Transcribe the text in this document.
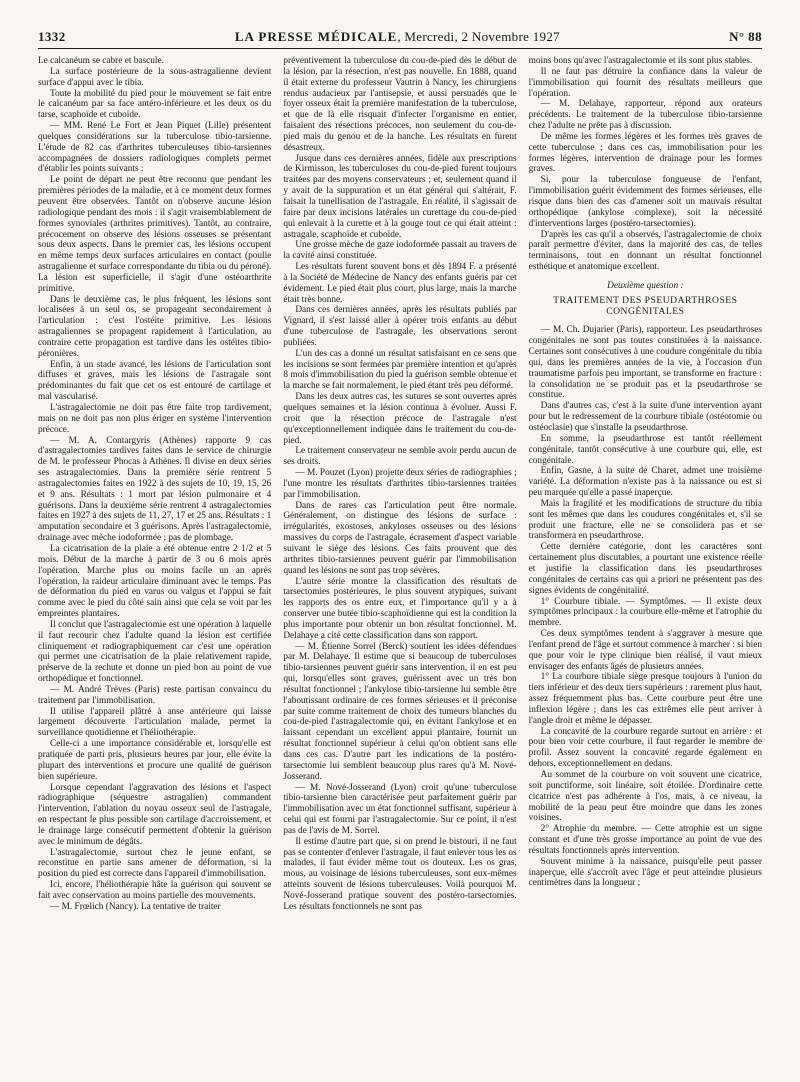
1332	LA PRESSE MÉDICALE, Mercredi, 2 Novembre 1927	N° 88

Le calcanéum se cabre et bascule.

La surface postérieure de la sous-astragalienne devient surface d'appui avec le tibia.

Toute la mobilité du pied pour le mouvement se fait entre le calcanéum par sa face antéro-inférieure et les deux os du tarse, scaphoïde et cuboïde.

— MM. René Le Fort et Jean Piquet (Lille) présentent quelques considérations sur la tuberculose tibio-tarsienne. L'étude de 82 cas d'arthrites tuberculeuses tibio-tarsiennes accompagnées de dossiers radiologiques complets permet d'établir les points suivants :

Le point de départ ne peut être reconnu que pendant les premières périodes de la maladie, et à ce moment deux formes peuvent être observées. Tantôt on n'observe aucune lésion radiologique pendant des mois : il s'agit vraisemblablement de formes synoviales (arthrites primitives). Tantôt, au contraire, précocement on observe des lésions osseuses se présentant sous deux aspects. Dans le premier cas, les lésions occupent en même temps deux surfaces articulaires en contact (poulie astragalienne et surface correspondante du tibia ou du péroné). La lésion est superficielle, il s'agit d'une ostéoarthrite primitive.

Dans le deuxième cas, le plus fréquent, les lésions sont localisées à un seul os, se propageant secondairement à l'articulation : c'est l'ostéite primitive. Les lésions astragaliennes se propagent rapidement à l'articulation, au contraire cette propagation est tardive dans les ostéites tibio-péronières.

Enfin, à un stade avancé, les lésions de l'articulation sont diffuses et graves, mais les lésions de l'astragale sont prédominantes du fait que cet os est entouré de cartilage et mal vascularisé.

L'astragalectomie ne doit pas être faite trop tardivement, mais on ne doit pas non plus ériger en système l'intervention précoce.

— M. A. Contargyris (Athènes) rapporte 9 cas d'astragalectomies tardives faites dans le service de chirurgie de M. le professeur Phocas à Athènes. Il divise en deux séries ses astragalectomies. Dans la première série rentrent 5 astragalectomies faites en 1922 à des sujets de 10, 19, 15, 26 et 9 ans. Résultats : 1 mort par lésion pulmonaire et 4 guérisons. Dans la deuxième série rentrent 4 astragalectomies faites en 1927 à des sujets de 11, 27, 17 et 25 ans. Résultats : 1 amputation secondaire et 3 guérisons. Après l'astragalectomie, drainage avec mèche iodoformée ; pas de plombage.

La cicatrisation de la plaie a été obtenue entre 2 1/2 et 5 mois. Début de la marche à partir de 3 ou 6 mois après l'opération. Marche plus ou moins facile un an après l'opération, la raideur articulaire diminuant avec le temps. Pas de déformation du pied en varus ou valgus et l'appui se fait comme avec le pied du côté sain ainsi que cela se voit par les empreintes plantaires.

Il conclut que l'astragalectomie est une opération à laquelle il faut recourir chez l'adulte quand la lésion est certifiée cliniquement et radiographiquement car c'est une opération qui permet une cicatrisation de la plaie relativement rapide, préserve de la rechute et donne un pied bon au point de vue orthopédique et fonctionnel.

— M. André Trèves (Paris) reste partisan convaincu du traitement par l'immobilisation.

Il utilise l'appareil plâtré à anse antérieure qui laisse largement découverte l'articulation malade, permet la surveillance quotidienne et l'héliothérapie.

Celle-ci a une importance considérable et, lorsqu'elle est pratiquée de parti pris, plusieurs heures par jour, elle évite la plupart des interventions et procure une qualité de guérison bien supérieure.

Lorsque cependant l'aggravation des lésions et l'aspect radiographique (séquestre astragalien) commandent l'intervention, l'ablation du noyau osseux seul de l'astragale, en respectant le plus possible son cartilage d'accroissement, et le drainage large consécutif permettent d'obtenir la guérison avec le minimum de dégâts.

L'astragalectomie, surtout chez le jeune enfant, se reconstitue en partie sans amener de déformation, si la position du pied est correcte dans l'appareil d'immobilisation.

Ici, encore, l'héliothérapie hâte la guérison qui souvent se fait avec conservation au moins partielle des mouvements.

— M. Frœlich (Nancy). La tentative de traiter

préventivement la tuberculose du cou-de-pied dès le début de la lésion, par la résection, n'est pas nouvelle. En 1888, quand il était externe du professeur Vautrin à Nancy, les chirurgiens rendus audacieux par l'antisepsie, et aussi persuadés que le foyer osseux était la première manifestation de la tuberculose, et que de là elle risquait d'infecter l'organisme en entier, faisaient des résections précoces, non seulement du cou-de-pied mais du genou et de la hanche. Les résultats en furent désastreux.

Jusque dans ces dernières années, fidèle aux prescriptions de Kirmisson, les tuberculoses du cou-de-pied furent toujours traitées par des moyens conservateurs ; et, seulement quand il y avait de la suppuration et un état général qui s'altérait, F. faisait la tunellisation de l'astragale. En réalité, il s'agissait de faire par deux incisions latérales un curettage du cou-de-pied qui enlevait à la curette et à la gouge tout ce qui était atteint : astragale, scaphoïde et cuboïde.

Une grosse mèche de gaze iodoformée passait au travers de la cavité ainsi constituée.

Les résultats furent souvent bons et dès 1894 F. a présenté à la Société de Médecine de Nancy des enfants guéris par cet évidement. Le pied était plus court, plus large, mais la marche était très bonne.

Dans ces dernières années, après les résultats publiés par Vignard, il s'est laissé aller à opérer trois enfants au début d'une tuberculose de l'astragale, les observations seront publiées.

L'un des cas a donné un résultat satisfaisant en ce sens que les incisions se sont fermées par première intention et qu'après 8 mois d'immobilisation du pied la guérison semble obtenue et la marche se fait normalement, le pied étant très peu déformé.

Dans les deux autres cas, les sutures se sont ouvertes après quelques semaines et la lésion continua à évoluer. Aussi F. croit que la résection précoce de l'astragale n'est qu'exceptionnellement indiquée dans le traitement du cou-de-pied.

Le traitement conservateur ne semble avoir perdu aucun de ses droits.

— M. Pouzet (Lyon) projette deux séries de radiographies ; l'une montre les résultats d'arthrites tibio-tarsiennes traitées par l'immobilisation.

Dans de rares cas l'articulation peut être normale. Généralement, on distingue des lésions de surface : irrégularités, exostoses, ankyloses osseuses ou des lésions massives du corps de l'astragale, écrasement d'aspect variable suivant le siège des lésions. Ces faits prouvent que des arthrites tibio-tarsiennes peuvent guérir par l'immobilisation quand les lésions ne sont pas trop sévères.

L'autre série montre la classification des résultats de tarsectomies postérieures, le plus souvent atypiques, suivant les rapports des os entre eux, et l'importance qu'il y a à conserver une butée tibio-scaphoïdienne qui est la condition la plus importante pour obtenir un bon résultat fonctionnel. M. Delahaye a cité cette classification dans son rapport.

— M. Étienne Sorrel (Berck) soutient les idées défendues par M. Delahaye. Il estime que si beaucoup de tuberculoses tibio-tarsiennes peuvent guérir sans intervention, il en est peu qui, lorsqu'elles sont graves, guérissent avec un très bon résultat fonctionnel ; l'ankylose tibio-tarsienne lui semble être l'aboutissant ordinaire de ces formes sérieuses et il préconise par suite comme traitement de choix des tumeurs blanches du cou-de-pied l'astragalectomie qui, en évitant l'ankylose et en laissant cependant un excellent appui plantaire, fournit un résultat fonctionnel supérieur à celui qu'on obtient sans elle dans ces cas. D'autre part les indications de la postéro-tarsectomie lui semblent beaucoup plus rares qu'à M. Nové-Josserand.

— M. Nové-Josserand (Lyon) croit qu'une tuberculose tibio-tarsienne bien caractérisée peut parfaitement guérir par l'immobilisation avec un état fonctionnel suffisant, supérieur à celui qui est fourni par l'astragalectomie. Sur ce point, il n'est pas de l'avis de M. Sorrel.

Il estime d'autre part que, si on prend le bistouri, il ne faut pas se contenter d'enlever l'astragale, il faut enlever tous les os malades, il faut évider même tout os douteux. Les os gras, mous, au voisinage de lésions tuberculeuses, sont eux-mêmes atteints souvent de lésions tuberculeuses. Voilà pourquoi M. Nové-Josserand pratique souvent des postéro-tarsectomies. Les résultats fonctionnels ne sont pas

moins bons qu'avec l'astragalectomie et ils sont plus stables.

Il ne faut pas détruire la confiance dans la valeur de l'immobilisation qui fournit des résultats meilleurs que l'opération.

— M. Delahaye, rapporteur, répond aux orateurs précédents. Le traitement de la tuberculose tibio-tarsienne chez l'adulte ne prête pas à discussion.

De même les formes légères et les formes très graves de cette tuberculose ; dans ces cas, immobilisation pour les formes légères, intervention de drainage pour les formes graves.

Si, pour la tuberculose fongueuse de l'enfant, l'immobilisation guérit évidemment des formes sérieuses, elle risque dans bien des cas d'amener soit un mauvais résultat orthopédique (ankylose complexe), soit la nécessité d'interventions larges (postéro-tarsectomies).

D'après les cas qu'il a observés, l'astragalectomie de choix paraît permettre d'éviter, dans la majorité des cas, de telles terminaisons, tout en donnant un résultat fonctionnel esthétique et anatomique excellent.

Deuxième question :

TRAITEMENT DES PSEUDARTHROSES CONGÉNITALES

— M. Ch. Dujarier (Paris), rapporteur. Les pseudarthroses congénitales ne sont pas toutes constituées à la naissance. Certaines sont consécutives à une coudure congénitale du tibia qui, dans les premières années de la vie, à l'occasion d'un traumatisme parfois peu important, se transforme en fracture : la consolidation ne se produit pas et la pseudarthrose se constitue.

Dans d'autres cas, c'est à la suite d'une intervention ayant pour but le redressement de la courbure tibiale (ostéotomie ou ostéoclasie) que s'installe la pseudarthrose.

En somme, la pseudarthrose est tantôt réellement congénitale, tantôt consécutive à une courbure qui, elle, est congénitale.

Enfin, Gasne, à la suite de Charet, admet une troisième variété. La déformation n'existe pas à la naissance ou est si peu marquée qu'elle a passé inaperçue.

Mais la fragilité et les modifications de structure du tibia sont les mêmes que dans les coudures congénitales et, s'il se produit une fracture, elle ne se consolidera pas et se transformera en pseudarthrose.

Cette dernière catégorie, dont les caractères sont certainement plus discutables, a pourtant une existence réelle et justifie la classification dans les pseudarthroses congénitales de certains cas qui a priori ne présentent pas des signes évidents de congénitalité.

1° Courbure tibiale. — Symptômes. — Il existe deux symptômes principaux : la courbure elle-même et l'atrophie du membre.

Ces deux symptômes tendent à s'aggraver à mesure que l'enfant prend de l'âge et surtout commence à marcher : si bien que pour voir le type clinique bien réalisé, il vaut mieux envisager des enfants âgés de plusieurs années.

1° La courbure tibiale siège presque toujours à l'union du tiers inférieur et des deux tiers supérieurs : rarement plus haut, assez fréquemment plus bas. Cette courbure peut être une inflexion légère ; dans les cas extrêmes elle peut arriver à l'angle droit et même le dépasser.

La concavité de la courbure regarde surtout en arrière : et pour bien voir cette courbure, il faut regarder le membre de profil. Assez souvent la concavité regarde également en dehors, exceptionnellement en dedans.

Au sommet de la courbure on voit souvent une cicatrice, soit punctiforme, soit linéaire, soit étoilée. D'ordinaire cette cicatrice n'est pas adhérente à l'os, mais, à ce niveau, la mobilité de la peau peut être moindre que dans les zones voisines.

2° Atrophie du membre. — Cette atrophie est un signe constant et d'une très grosse importance au point de vue des résultats fonctionnels après intervention.

Souvent minime à la naissance, puisqu'elle peut passer inaperçue, elle s'accroît avec l'âge et peut atteindre plusieurs centimètres dans la longueur ;
